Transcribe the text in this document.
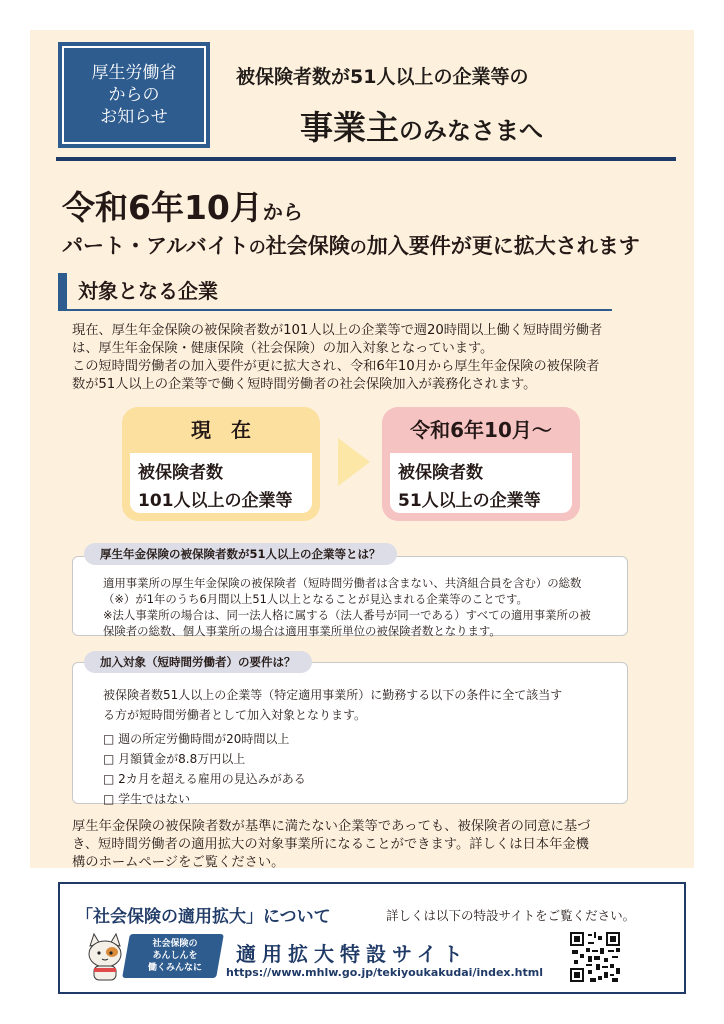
厚生労働省
からの
お知らせ
被保険者数が51人以上の企業等の
事業主のみなさまへ
令和6年10月から
パート・アルバイトの社会保険の加入要件が更に拡大されます
対象となる企業

現在、厚生年金保険の被保険者数が101人以上の企業等で週20時間以上働く短時間労働者

は、厚生年金保険・健康保険（社会保険）の加入対象となっています。

この短時間労働者の加入要件が更に拡大され、令和6年10月から厚生年金保険の被保険者

数が51人以上の企業等で働く短時間労働者の社会保険加入が義務化されます。

現　在
被保険者数
101人以上の企業等
令和6年10月～
被保険者数
51人以上の企業等
適用事業所の厚生年金保険の被保険者（短時間労働者は含まない、共済組合員を含む）の総数
（※）が1年のうち6月間以上51人以上となることが見込まれる企業等のことです。
※法人事業所の場合は、同一法人格に属する（法人番号が同一である）すべての適用事業所の被
保険者の総数、個人事業所の場合は適用事業所単位の被保険者数となります。
厚生年金保険の被保険者数が51人以上の企業等とは？
被保険者数51人以上の企業等（特定適用事業所）に勤務する以下の条件に全て該当す
る方が短時間労働者として加入対象となります。
□ 週の所定労働時間が20時間以上
□ 月額賃金が8.8万円以上
□ 2カ月を超える雇用の見込みがある
□ 学生ではない
加入対象（短時間労働者）の要件は？

厚生年金保険の被保険者数が基準に満たない企業等であっても、被保険者の同意に基づ

き、短時間労働者の適用拡大の対象事業所になることができます。詳しくは日本年金機

構のホームページをご覧ください。

「社会保険の適用拡大」について	詳しくは以下の特設サイトをご覧ください。
社会保険の
あんしんを
働くみんなに
適用拡大特設サイト
https://www.mhlw.go.jp/tekiyoukakudai/index.html
